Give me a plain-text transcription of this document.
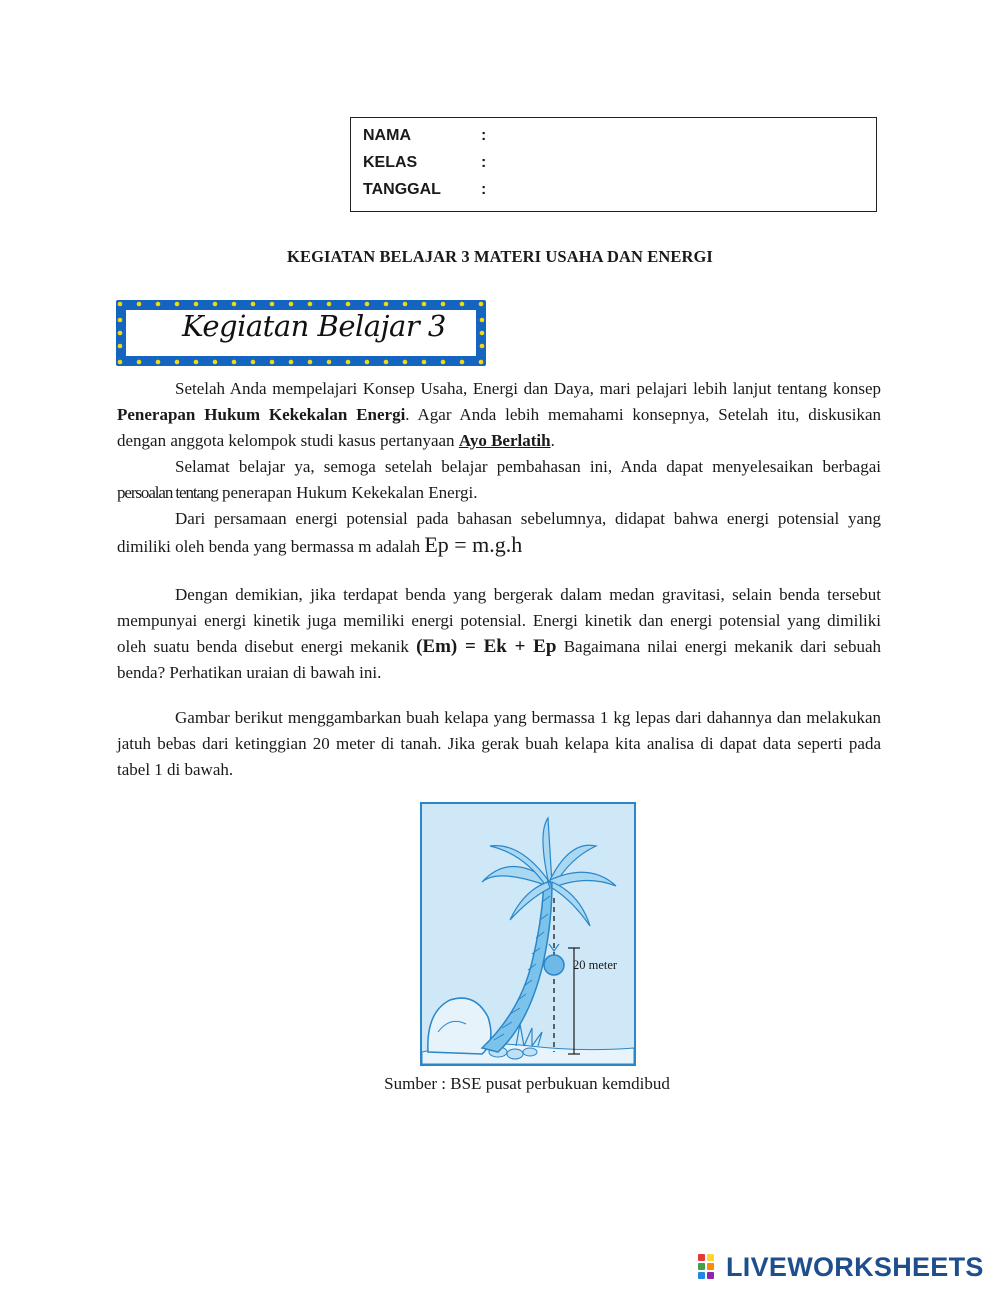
NAMA	:
KELAS	:
TANGGAL	:
KEGIATAN BELAJAR 3 MATERI USAHA DAN ENERGI
Kegiatan Belajar 3
Setelah Anda mempelajari Konsep Usaha, Energi dan Daya, mari pelajari lebih lanjut tentang konsep Penerapan Hukum Kekekalan Energi. Agar Anda lebih memahami konsepnya, Setelah itu, diskusikan dengan anggota kelompok studi kasus pertanyaan Ayo Berlatih.
Selamat belajar ya, semoga setelah belajar pembahasan ini, Anda dapat menyelesaikan berbagai persoalan tentang penerapan Hukum Kekekalan Energi.
Dari persamaan energi potensial pada bahasan sebelumnya, didapat bahwa energi potensial yang dimiliki oleh benda yang bermassa m adalah Ep = m.g.h
Dengan demikian, jika terdapat benda yang bergerak dalam medan gravitasi, selain benda tersebut mempunyai energi kinetik juga memiliki energi potensial. Energi kinetik dan energi potensial yang dimiliki oleh suatu benda disebut energi mekanik (Em) = Ek + Ep Bagaimana nilai energi mekanik dari sebuah benda? Perhatikan uraian di bawah ini.
Gambar berikut menggambarkan buah kelapa yang bermassa 1 kg lepas dari dahannya dan melakukan jatuh bebas dari ketinggian 20 meter di tanah. Jika gerak buah kelapa kita analisa di dapat data seperti pada tabel 1 di bawah.
20 meter
Sumber : BSE pusat perbukuan kemdibud
LIVEWORKSHEETS
